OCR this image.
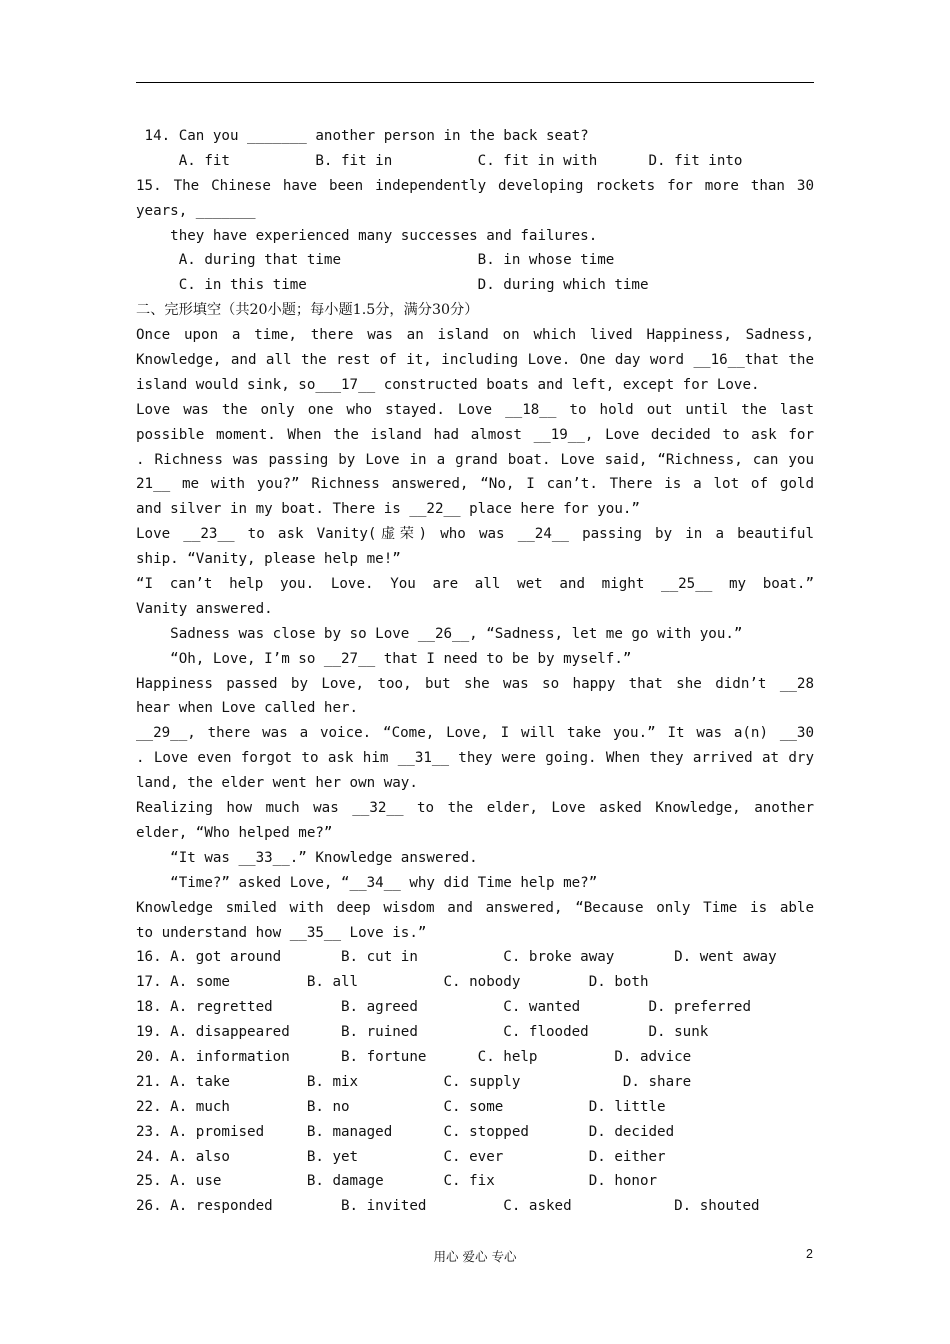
14. Can you _______ another person in the back seat?
A. fit          B. fit in          C. fit in with      D. fit into
15. The Chinese have been independently developing rockets for more than 30
years, _______
they have experienced many successes and failures.
A. during that time                B. in whose time
C. in this time                    D. during which time
二、完形填空（共20小题；每小题1.5分，满分30分）
Once upon a time, there was an island on which lived Happiness, Sadness,
Knowledge, and all the rest of it, including Love. One day word __16__that the
island would sink, so___17__ constructed boats and left, except for Love.
Love was the only one who stayed. Love __18__ to hold out until the last
possible moment. When the island had almost __19__, Love decided to ask for
. Richness was passing by Love in a grand boat. Love said, “Richness, can you
21__ me with you?” Richness answered, “No, I can’t. There is a lot of gold
and silver in my boat. There is __22__ place here for you.”
Love __23__ to ask Vanity(虚荣) who was __24__ passing by in a beautiful
ship. “Vanity, please help me!”
“I can’t help you. Love. You are all wet and might __25__ my boat.”
Vanity answered.
Sadness was close by so Love __26__, “Sadness, let me go with you.”
“Oh, Love, I’m so __27__ that I need to be by myself.”
Happiness passed by Love, too, but she was so happy that she didn’t __28
hear when Love called her.
__29__, there was a voice. “Come, Love, I will take you.” It was a(n) __30
. Love even forgot to ask him __31__ they were going. When they arrived at dry
land, the elder went her own way.
Realizing how much was __32__ to the elder, Love asked Knowledge, another
elder, “Who helped me?”
“It was __33__.” Knowledge answered.
“Time?” asked Love, “__34__ why did Time help me?”
Knowledge smiled with deep wisdom and answered, “Because only Time is able
to understand how __35__ Love is.”
16. A. got around       B. cut in          C. broke away       D. went away
17. A. some         B. all          C. nobody        D. both
18. A. regretted        B. agreed          C. wanted        D. preferred
19. A. disappeared      B. ruined          C. flooded       D. sunk
20. A. information      B. fortune      C. help         D. advice
21. A. take         B. mix          C. supply            D. share
22. A. much         B. no           C. some          D. little
23. A. promised     B. managed      C. stopped       D. decided
24. A. also         B. yet          C. ever          D. either
25. A. use          B. damage       C. fix           D. honor
26. A. responded        B. invited         C. asked            D. shouted
用心 爱心 专心	2
